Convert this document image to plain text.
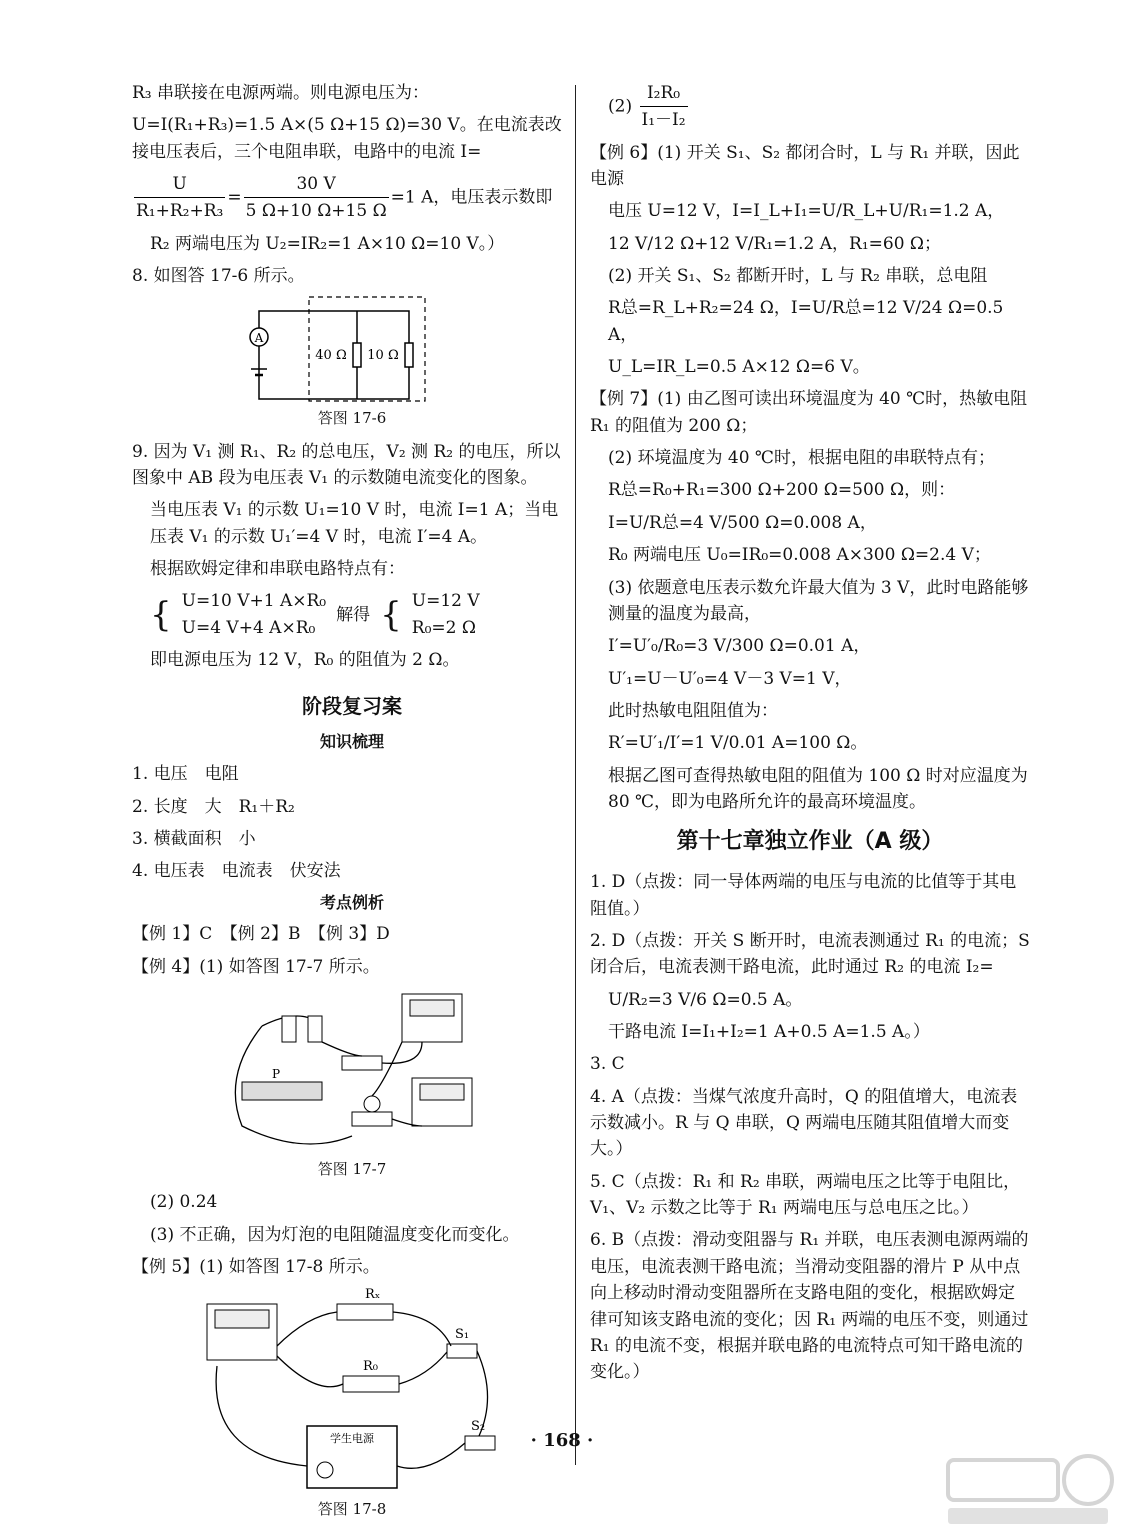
R₃ 串联接在电源两端。则电源电压为：

U=I(R₁+R₃)=1.5 A×(5 Ω+15 Ω)=30 V。在电流表改接电压表后，三个电阻串联，电路中的电流 I=

$\frac{U}{\text{R₁+R₂+R₃}} = \frac{30 V}{5 \Omega+10 \Omega+15 \Omega} =1$ A，电压表示数即

R₂ 两端电压为 U₂=IR₂=1 A×10 Ω=10 V。）

8. 如图答 17-6 所示。

A
40 Ω 10 Ω
答图 17-6

9. 因为 V₁ 测 R₁、R₂ 的总电压，V₂ 测 R₂ 的电压，所以图象中 AB 段为电压表 V₁ 的示数随电流变化的图象。

当电压表 V₁ 的示数 U₁=10 V 时，电流 I=1 A；当电压表 V₁ 的示数 U₁′=4 V 时，电流 I′=4 A。

根据欧姆定律和串联电路特点有：

{ U=10 V+1 A×R₀
U=4 V+4 A×R₀
解得 { U=12 V
R₀=2 Ω

即电源电压为 12 V，R₀ 的阻值为 2 Ω。

阶段复习案
知识梳理

1. 电压　电阻

2. 长度　大　R₁＋R₂

3. 横截面积　小

4. 电压表　电流表　伏安法

考点例析

【例 1】C　【例 2】B　【例 3】D

【例 4】(1) 如答图 17-7 所示。

P
答图 17-7

(2) 0.24

(3) 不正确，因为灯泡的电阻随温度变化而变化。

【例 5】(1) 如答图 17-8 所示。

Rₓ
R₀
S₁
S₂
学生电源
答图 17-8

$(2) \frac{\text{I₂R₀}}{\text{I₁－I₂}}$

【例 6】(1) 开关 S₁、S₂ 都闭合时，L 与 R₁ 并联，因此电源

电压 U=12 V，I=I_L+I₁=U/R_L+U/R₁=1.2 A，

12 V/12 Ω+12 V/R₁=1.2 A，R₁=60 Ω；

(2) 开关 S₁、S₂ 都断开时，L 与 R₂ 串联，总电阻

R总=R_L+R₂=24 Ω，I=U/R总=12 V/24 Ω=0.5 A，

U_L=IR_L=0.5 A×12 Ω=6 V。

【例 7】(1) 由乙图可读出环境温度为 40 ℃时，热敏电阻 R₁ 的阻值为 200 Ω；

(2) 环境温度为 40 ℃时，根据电阻的串联特点有；

R总=R₀+R₁=300 Ω+200 Ω=500 Ω，则：

I=U/R总=4 V/500 Ω=0.008 A，

R₀ 两端电压 U₀=IR₀=0.008 A×300 Ω=2.4 V；

(3) 依题意电压表示数允许最大值为 3 V，此时电路能够测量的温度为最高，

I′=U′₀/R₀=3 V/300 Ω=0.01 A，

U′₁=U－U′₀=4 V－3 V=1 V，

此时热敏电阻阻值为：

R′=U′₁/I′=1 V/0.01 A=100 Ω。

根据乙图可查得热敏电阻的阻值为 100 Ω 时对应温度为 80 ℃，即为电路所允许的最高环境温度。

第十七章独立作业（A 级）

1. D（点拨：同一导体两端的电压与电流的比值等于其电阻值。）

2. D（点拨：开关 S 断开时，电流表测通过 R₁ 的电流；S 闭合后，电流表测干路电流，此时通过 R₂ 的电流 I₂=

U/R₂=3 V/6 Ω=0.5 A。

干路电流 I=I₁+I₂=1 A+0.5 A=1.5 A。）

3. C

4. A（点拨：当煤气浓度升高时，Q 的阻值增大，电流表示数减小。R 与 Q 串联，Q 两端电压随其阻值增大而变大。）

5. C（点拨：R₁ 和 R₂ 串联，两端电压之比等于电阻比，V₁、V₂ 示数之比等于 R₁ 两端电压与总电压之比。）

6. B（点拨：滑动变阻器与 R₁ 并联，电压表测电源两端的电压，电流表测干路电流；当滑动变阻器的滑片 P 从中点向上移动时滑动变阻器所在支路电阻的变化，根据欧姆定律可知该支路电流的变化；因 R₁ 两端的电压不变，则通过 R₁ 的电流不变，根据并联电路的电流特点可知干路电流的变化。）

· 168 ·
